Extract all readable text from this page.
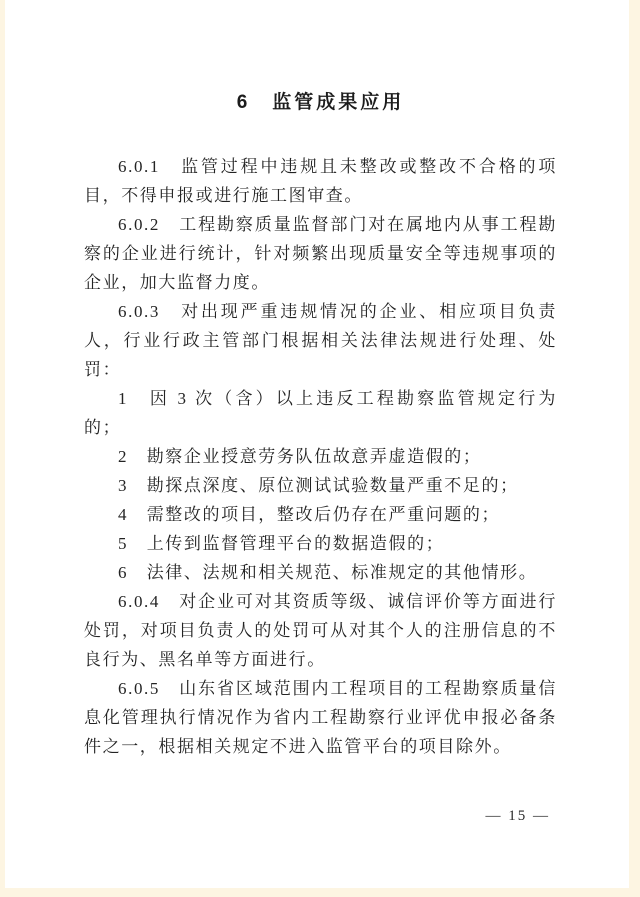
6　监管成果应用

6.0.1　监管过程中违规且未整改或整改不合格的项目，不得申报或进行施工图审查。

6.0.2　工程勘察质量监督部门对在属地内从事工程勘察的企业进行统计，针对频繁出现质量安全等违规事项的企业，加大监督力度。

6.0.3　对出现严重违规情况的企业、相应项目负责人，行业行政主管部门根据相关法律法规进行处理、处罚：

1　因 3 次（含）以上违反工程勘察监管规定行为的；

2　勘察企业授意劳务队伍故意弄虚造假的；

3　勘探点深度、原位测试试验数量严重不足的；

4　需整改的项目，整改后仍存在严重问题的；

5　上传到监督管理平台的数据造假的；

6　法律、法规和相关规范、标准规定的其他情形。

6.0.4　对企业可对其资质等级、诚信评价等方面进行处罚，对项目负责人的处罚可从对其个人的注册信息的不良行为、黑名单等方面进行。

6.0.5　山东省区域范围内工程项目的工程勘察质量信息化管理执行情况作为省内工程勘察行业评优申报必备条件之一，根据相关规定不进入监管平台的项目除外。

— 15 —
